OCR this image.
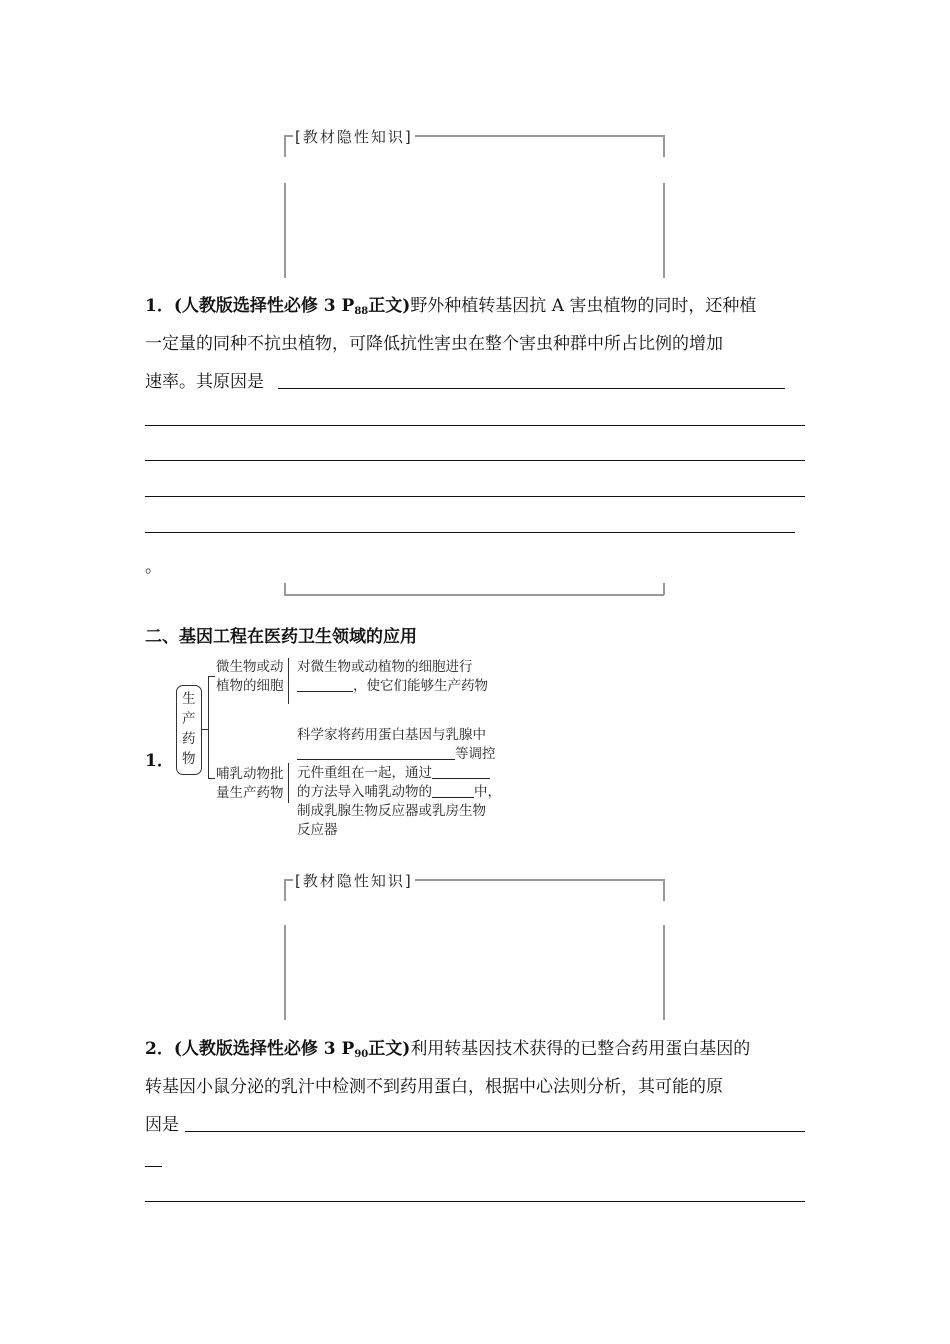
[教材隐性知识]
1．(人教版选择性必修 3 $P_{88}$正文)野外种植转基因抗 A 害虫植物的同时，还种植
一定量的同种不抗虫植物，可降低抗性害虫在整个害虫种群中所占比例的增加
速率。其原因是
。
二、基因工程在医药卫生领域的应用
1．
生
产
药
物
微生物或动
植物的细胞
对微生物或动植物的细胞进行
，使它们能够生产药物
哺乳动物批
量生产药物
科学家将药用蛋白基因与乳腺中
等调控
元件重组在一起，通过
的方法导入哺乳动物的	中，
制成乳腺生物反应器或乳房生物
反应器
[教材隐性知识]
2．(人教版选择性必修 3 $P_{90}$正文)利用转基因技术获得的已整合药用蛋白基因的
转基因小鼠分泌的乳汁中检测不到药用蛋白，根据中心法则分析，其可能的原
因是
